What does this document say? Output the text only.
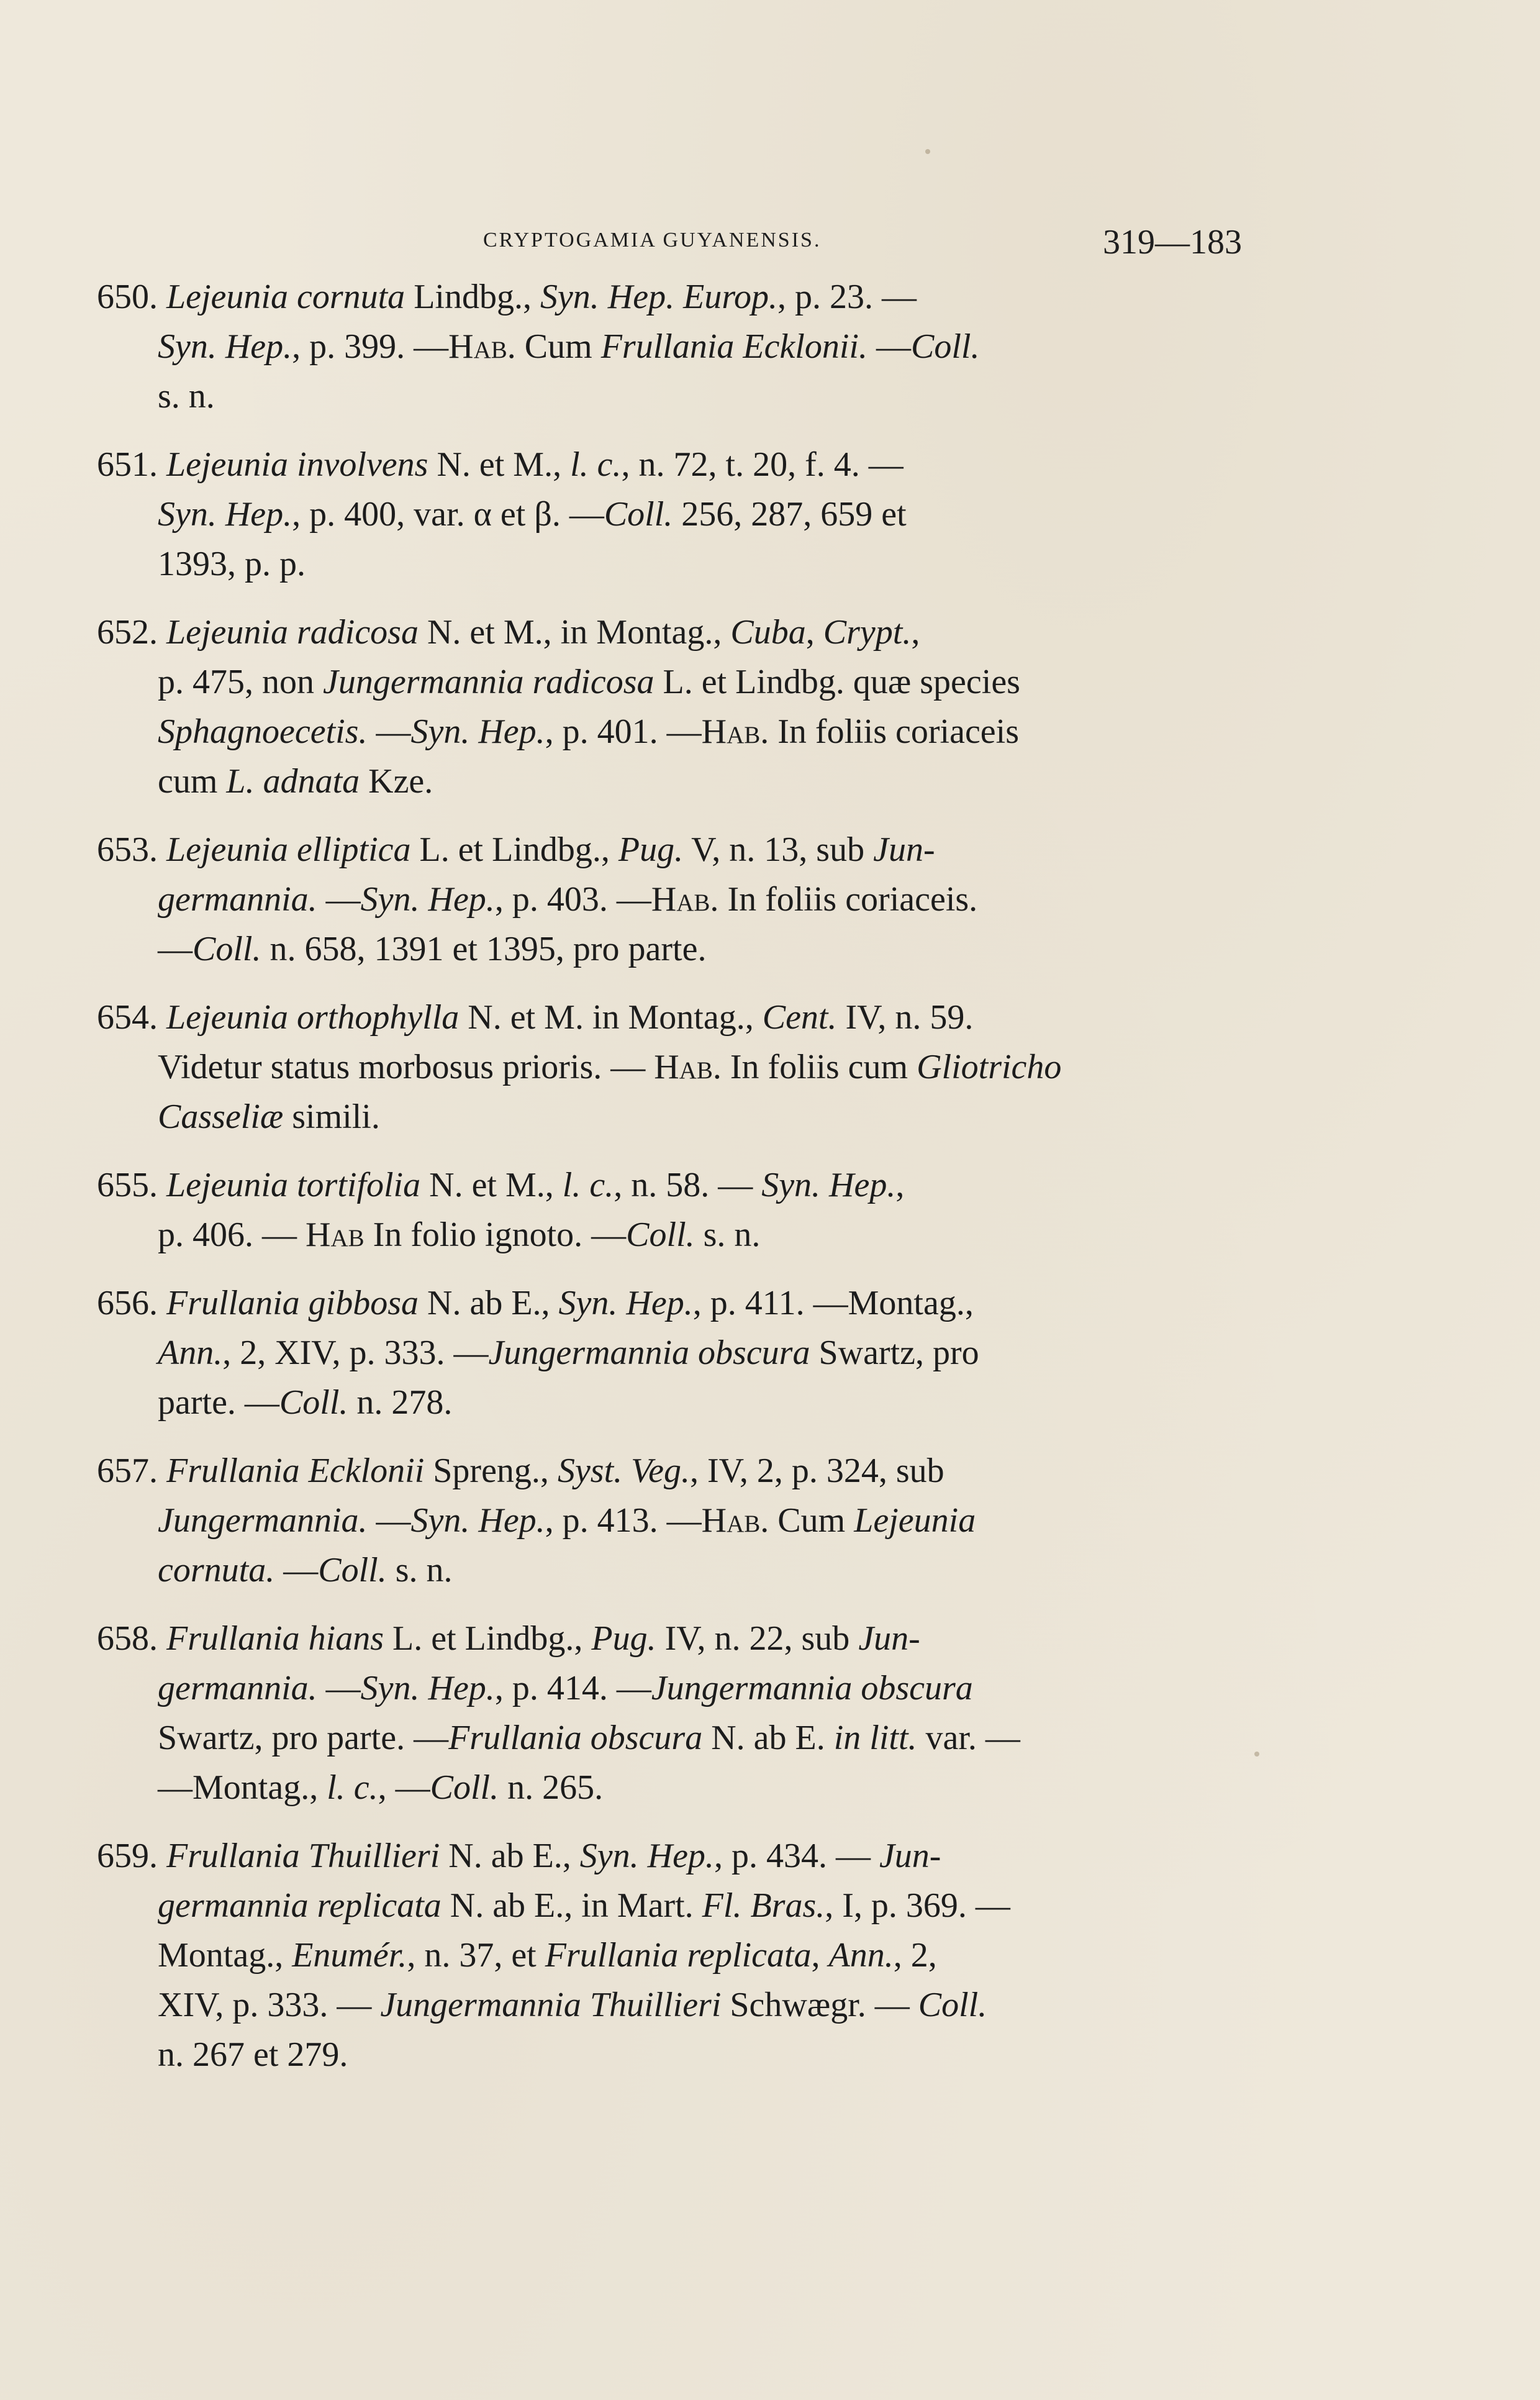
CRYPTOGAMIA GUYANENSIS.	319—183
650. Lejeunia cornuta Lindbg., Syn. Hep. Europ., p. 23. —
Syn. Hep., p. 399. —Hab. Cum Frullania Ecklonii. —Coll.
s. n.
651. Lejeunia involvens N. et M., l. c., n. 72, t. 20, f. 4. —
Syn. Hep., p. 400, var. α et β. —Coll. 256, 287, 659 et
1393, p. p.
652. Lejeunia radicosa N. et M., in Montag., Cuba, Crypt.,
p. 475, non Jungermannia radicosa L. et Lindbg. quæ species
Sphagnoecetis. —Syn. Hep., p. 401. —Hab. In foliis coriaceis
cum L. adnata Kze.
653. Lejeunia elliptica L. et Lindbg., Pug. V, n. 13, sub Jun-
germannia. —Syn. Hep., p. 403. —Hab. In foliis coriaceis.
—Coll. n. 658, 1391 et 1395, pro parte.
654. Lejeunia orthophylla N. et M. in Montag., Cent. IV, n. 59.
Videtur status morbosus prioris. — Hab. In foliis cum Gliotricho
Casseliæ simili.
655. Lejeunia tortifolia N. et M., l. c., n. 58. — Syn. Hep.,
p. 406. — Hab In folio ignoto. —Coll. s. n.
656. Frullania gibbosa N. ab E., Syn. Hep., p. 411. —Montag.,
Ann., 2, XIV, p. 333. —Jungermannia obscura Swartz, pro
parte. —Coll. n. 278.
657. Frullania Ecklonii Spreng., Syst. Veg., IV, 2, p. 324, sub
Jungermannia. —Syn. Hep., p. 413. —Hab. Cum Lejeunia
cornuta. —Coll. s. n.
658. Frullania hians L. et Lindbg., Pug. IV, n. 22, sub Jun-
germannia. —Syn. Hep., p. 414. —Jungermannia obscura
Swartz, pro parte. —Frullania obscura N. ab E. in litt. var. —
—Montag., l. c., —Coll. n. 265.
659. Frullania Thuillieri N. ab E., Syn. Hep., p. 434. — Jun-
germannia replicata N. ab E., in Mart. Fl. Bras., I, p. 369. —
Montag., Enumér., n. 37, et Frullania replicata, Ann., 2,
XIV, p. 333. — Jungermannia Thuillieri Schwægr. — Coll.
n. 267 et 279.
